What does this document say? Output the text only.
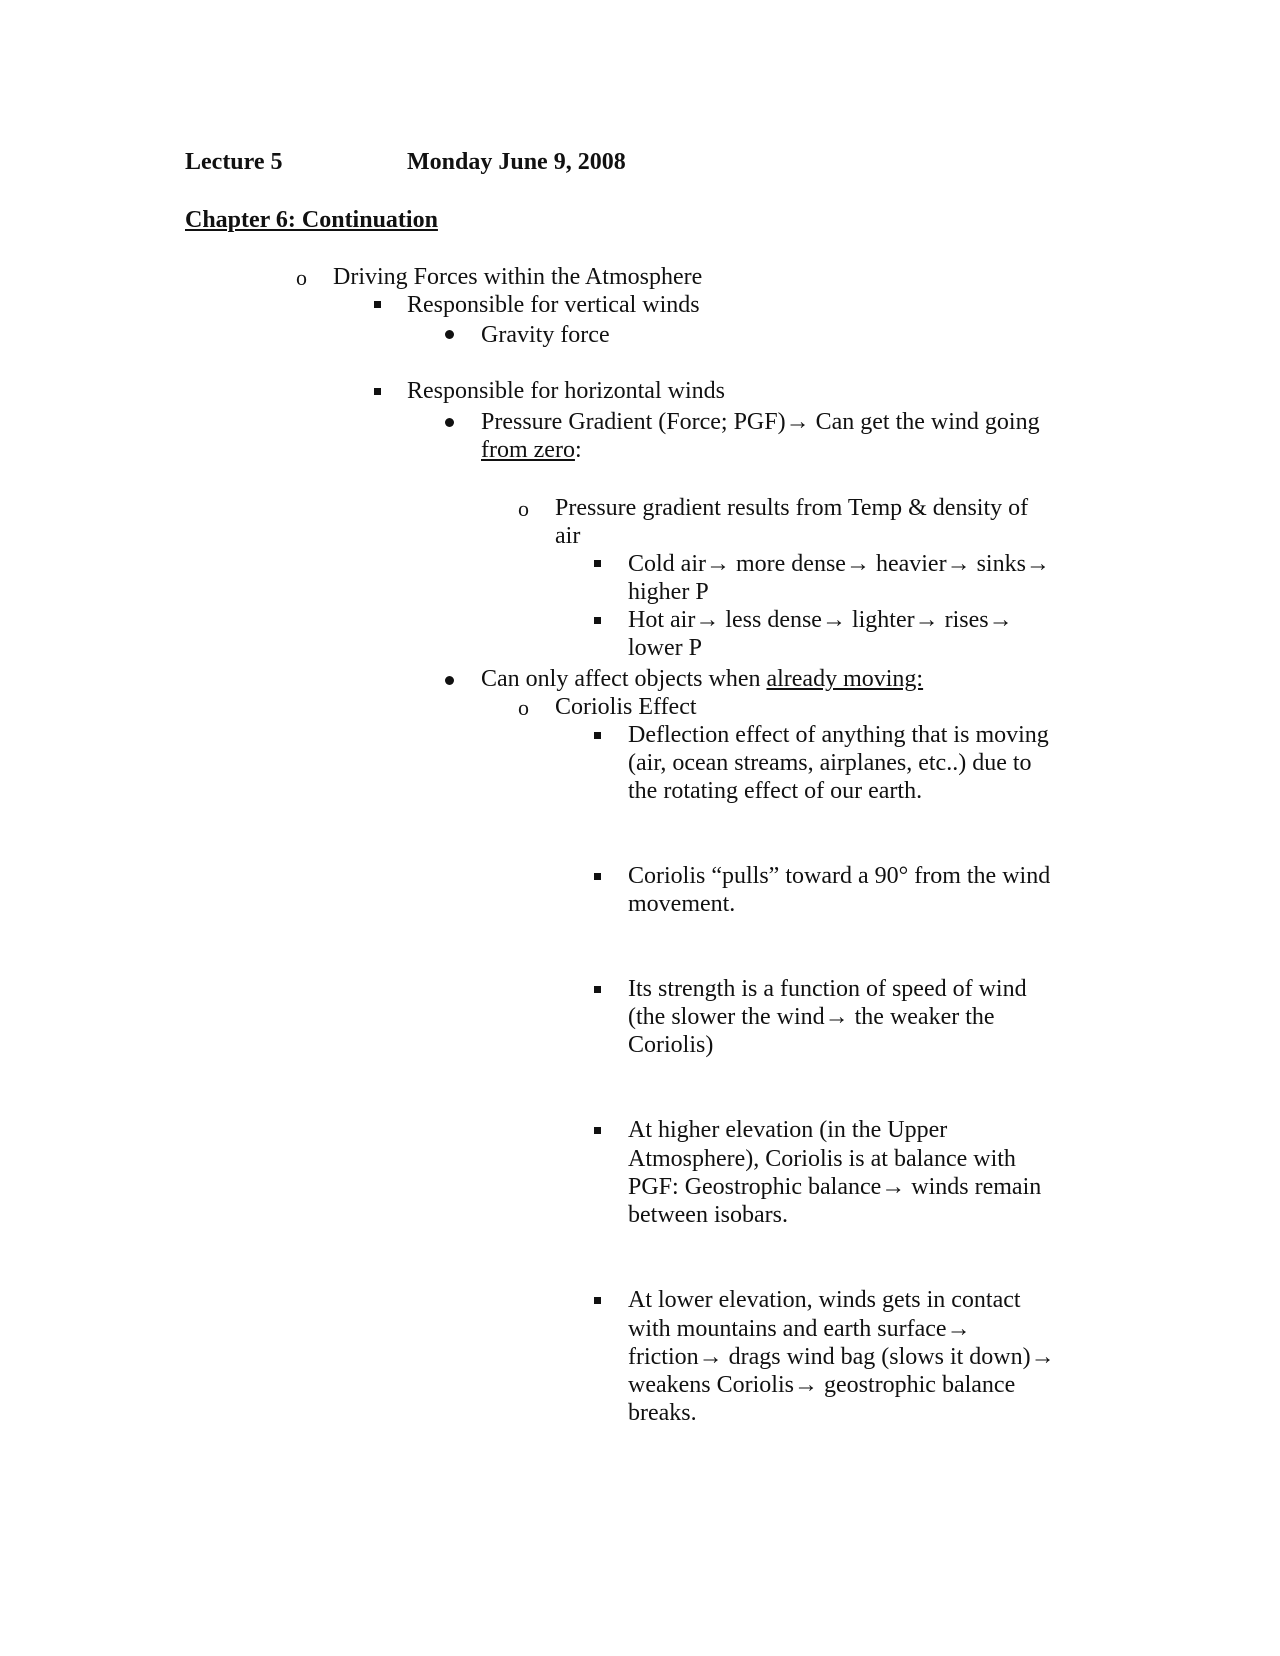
Lecture 5	Monday June 9, 2008
Chapter 6: Continuation
o Driving Forces within the Atmosphere
Responsible for vertical winds
Gravity force
Responsible for horizontal winds
Pressure Gradient (Force; PGF)→ Can get the wind going
from zero:
o Pressure gradient results from Temp & density of
air
Cold air→ more dense→ heavier→ sinks→
higher P
Hot air→ less dense→ lighter→ rises→
lower P
Can only affect objects when already moving:
o Coriolis Effect
Deflection effect of anything that is moving
(air, ocean streams, airplanes, etc..) due to
the rotating effect of our earth.
Coriolis “pulls” toward a 90° from the wind
movement.
Its strength is a function of speed of wind
(the slower the wind→ the weaker the
Coriolis)
At higher elevation (in the Upper
Atmosphere), Coriolis is at balance with
PGF: Geostrophic balance→ winds remain
between isobars.
At lower elevation, winds gets in contact
with mountains and earth surface→
friction→ drags wind bag (slows it down)→
weakens Coriolis→ geostrophic balance
breaks.
